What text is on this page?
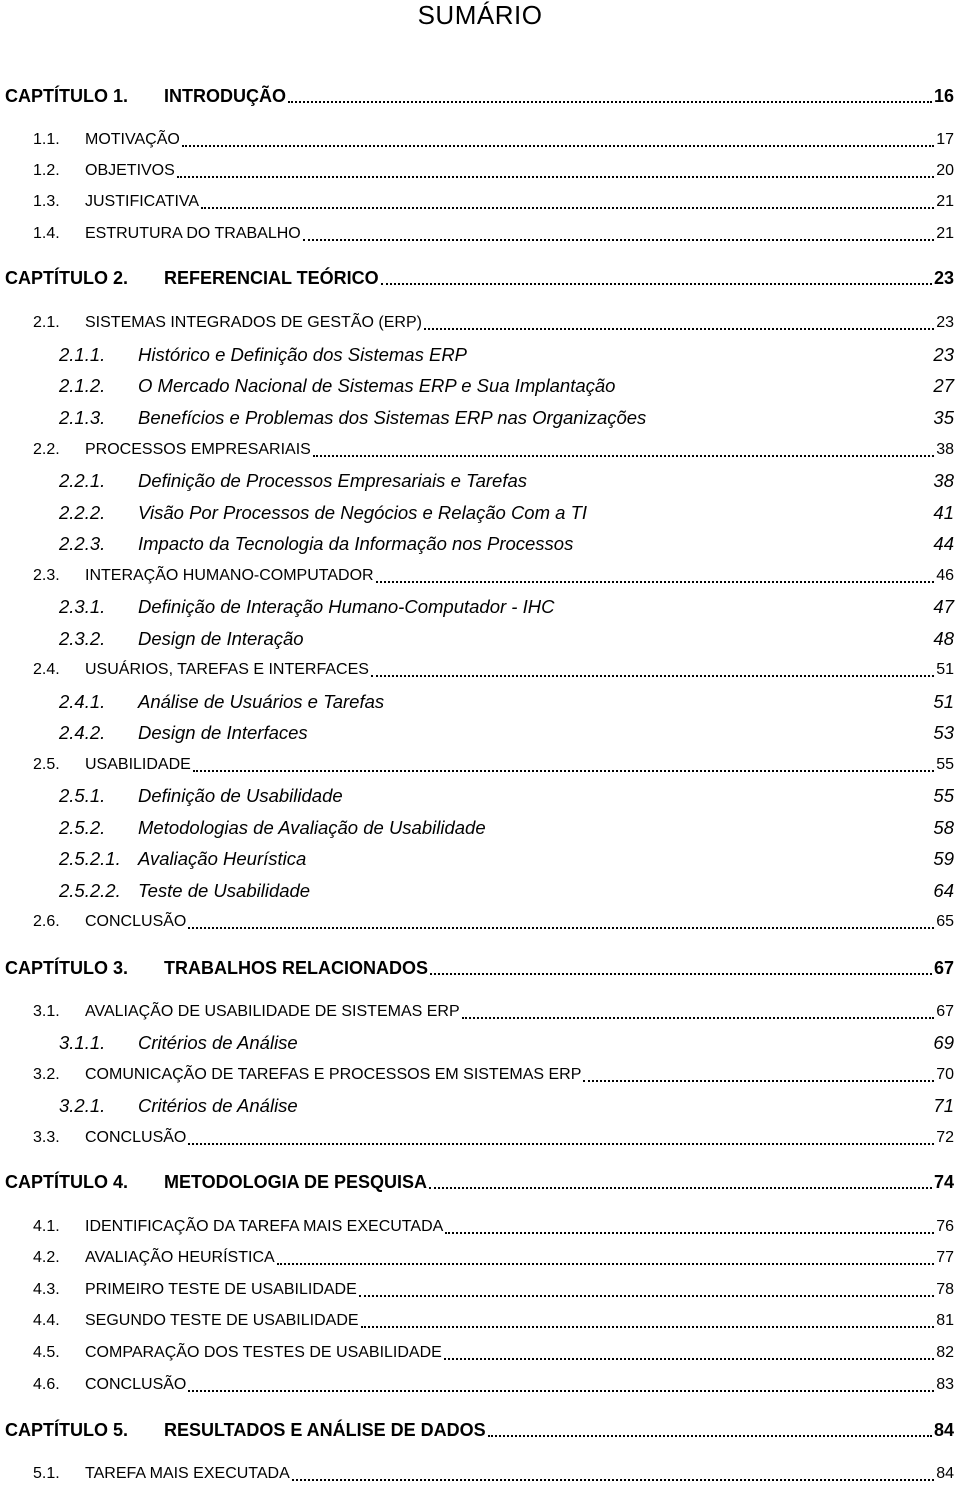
SUMÁRIO
CAPTÍTULO 1. INTRODUÇÃO	16
1.1. MOTIVAÇÃO	17
1.2. OBJETIVOS	20
1.3. JUSTIFICATIVA	21
1.4. ESTRUTURA DO TRABALHO	21
CAPTÍTULO 2. REFERENCIAL TEÓRICO	23
2.1. SISTEMAS INTEGRADOS DE GESTÃO (ERP)	23
2.1.1. Histórico e Definição dos Sistemas ERP	23
2.1.2. O Mercado Nacional de Sistemas ERP e Sua Implantação	27
2.1.3. Benefícios e Problemas dos Sistemas ERP nas Organizações	35
2.2. PROCESSOS EMPRESARIAIS	38
2.2.1. Definição de Processos Empresariais e Tarefas	38
2.2.2. Visão Por Processos de Negócios e Relação Com a TI	41
2.2.3. Impacto da Tecnologia da Informação nos Processos	44
2.3. INTERAÇÃO HUMANO-COMPUTADOR	46
2.3.1. Definição de Interação Humano-Computador - IHC	47
2.3.2. Design de Interação	48
2.4. USUÁRIOS, TAREFAS E INTERFACES	51
2.4.1. Análise de Usuários e Tarefas	51
2.4.2. Design de Interfaces	53
2.5. USABILIDADE	55
2.5.1. Definição de Usabilidade	55
2.5.2. Metodologias de Avaliação de Usabilidade	58
2.5.2.1. Avaliação Heurística	59
2.5.2.2. Teste de Usabilidade	64
2.6. CONCLUSÃO	65
CAPTÍTULO 3. TRABALHOS RELACIONADOS	67
3.1. AVALIAÇÃO DE USABILIDADE DE SISTEMAS ERP	67
3.1.1. Critérios de Análise	69
3.2. COMUNICAÇÃO DE TAREFAS E PROCESSOS EM SISTEMAS ERP	70
3.2.1. Critérios de Análise	71
3.3. CONCLUSÃO	72
CAPTÍTULO 4. METODOLOGIA DE PESQUISA	74
4.1. IDENTIFICAÇÃO DA TAREFA MAIS EXECUTADA	76
4.2. AVALIAÇÃO HEURÍSTICA	77
4.3. PRIMEIRO TESTE DE USABILIDADE	78
4.4. SEGUNDO TESTE DE USABILIDADE	81
4.5. COMPARAÇÃO DOS TESTES DE USABILIDADE	82
4.6. CONCLUSÃO	83
CAPTÍTULO 5. RESULTADOS E ANÁLISE DE DADOS	84
5.1. TAREFA MAIS EXECUTADA	84
